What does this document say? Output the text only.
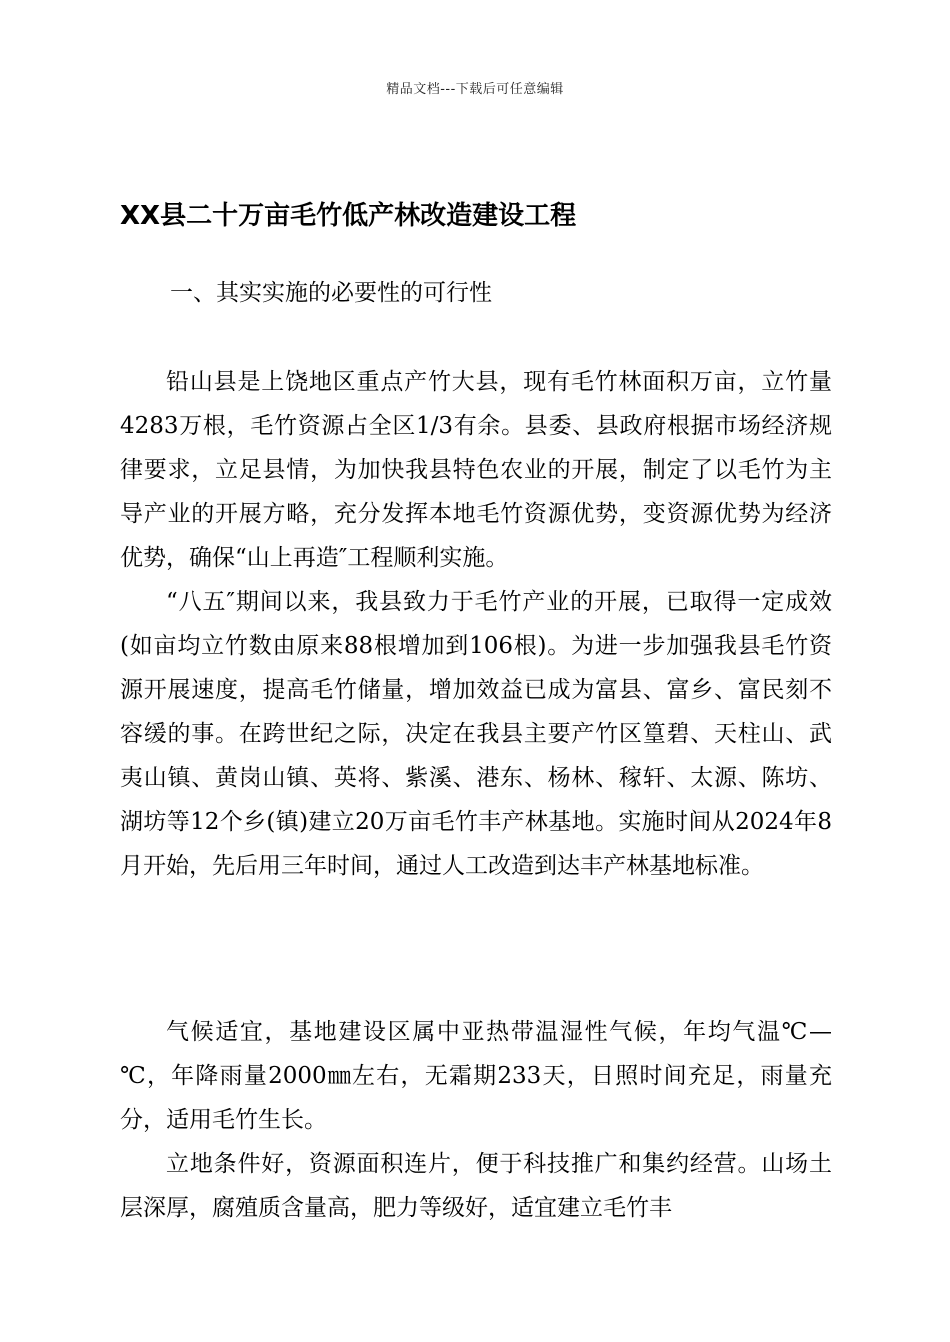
精品文档---下载后可任意编辑
XX县二十万亩毛竹低产林改造建设工程
一、其实实施的必要性的可行性

铅山县是上饶地区重点产竹大县，现有毛竹林面积万亩，立竹量4283万根，毛竹资源占全区1/3有余。县委、县政府根据市场经济规律要求，立足县情，为加快我县特色农业的开展，制定了以毛竹为主导产业的开展方略，充分发挥本地毛竹资源优势，变资源优势为经济优势，确保“山上再造″工程顺利实施。

“八五″期间以来，我县致力于毛竹产业的开展，已取得一定成效(如亩均立竹数由原来88根增加到106根)。为进一步加强我县毛竹资源开展速度，提高毛竹储量，增加效益已成为富县、富乡、富民刻不容缓的事。在跨世纪之际，决定在我县主要产竹区篁碧、天柱山、武夷山镇、黄岗山镇、英将、紫溪、港东、杨林、稼轩、太源、陈坊、湖坊等12个乡(镇)建立20万亩毛竹丰产林基地。实施时间从2024年8月开始，先后用三年时间，通过人工改造到达丰产林基地标准。

气候适宜，基地建设区属中亚热带温湿性气候，年均气温℃—℃，年降雨量2000㎜左右，无霜期233天，日照时间充足，雨量充分，适用毛竹生长。

立地条件好，资源面积连片，便于科技推广和集约经营。山场土层深厚，腐殖质含量高，肥力等级好，适宜建立毛竹丰
